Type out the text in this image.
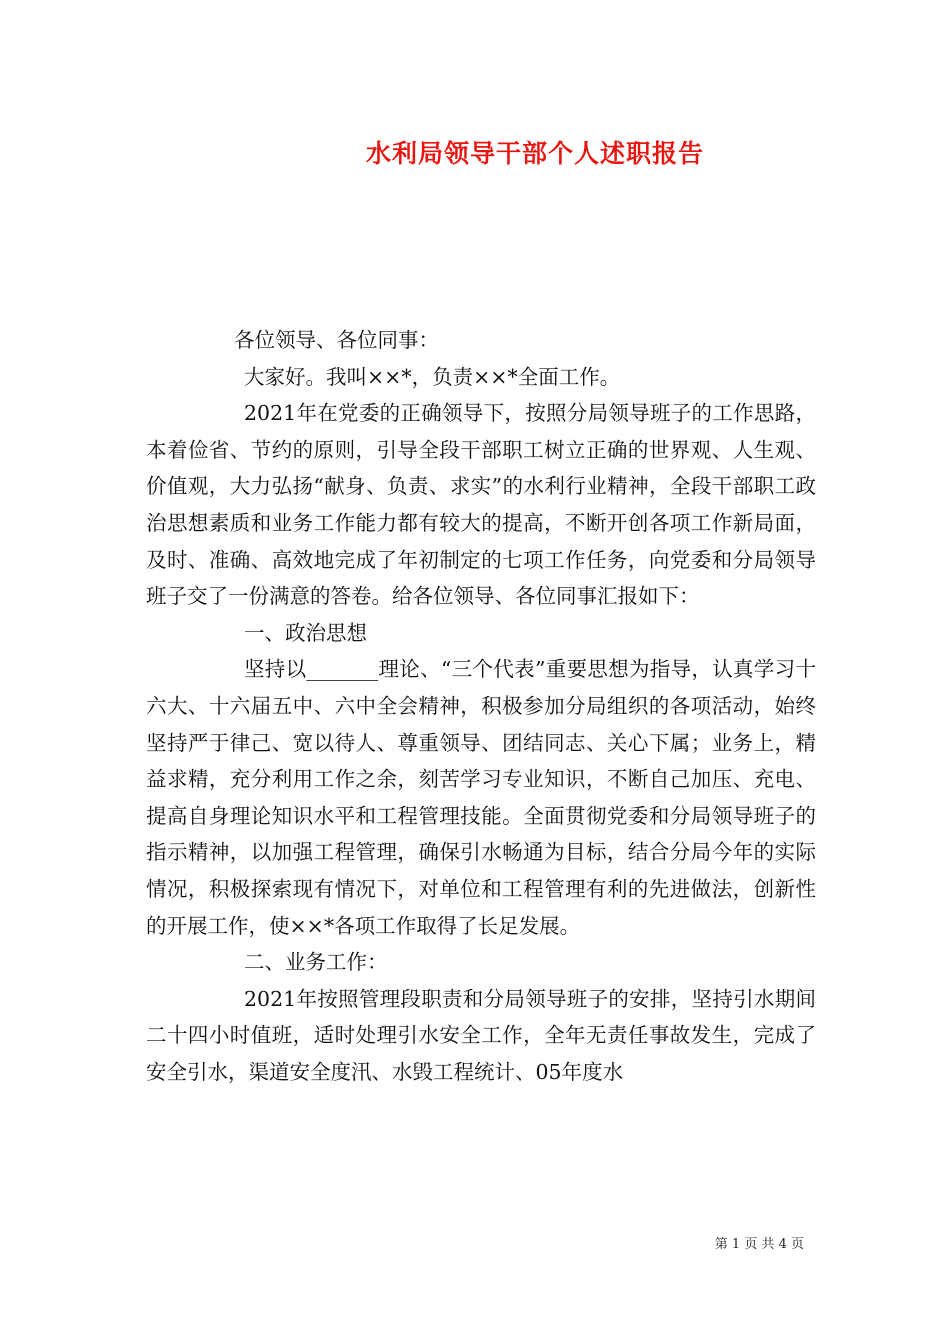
水利局领导干部个人述职报告

各位领导、各位同事：

大家好。我叫××*，负责××*全面工作。

2021年在党委的正确领导下，按照分局领导班子的工作思路，本着俭省、节约的原则，引导全段干部职工树立正确的世界观、人生观、价值观，大力弘扬“献身、负责、求实”的水利行业精神，全段干部职工政治思想素质和业务工作能力都有较大的提高，不断开创各项工作新局面，及时、准确、高效地完成了年初制定的七项工作任务，向党委和分局领导班子交了一份满意的答卷。给各位领导、各位同事汇报如下：

一、政治思想

坚持以_______理论、“三个代表”重要思想为指导，认真学习十六大、十六届五中、六中全会精神，积极参加分局组织的各项活动，始终坚持严于律己、宽以待人、尊重领导、团结同志、关心下属；业务上，精益求精，充分利用工作之余，刻苦学习专业知识，不断自己加压、充电、提高自身理论知识水平和工程管理技能。全面贯彻党委和分局领导班子的指示精神，以加强工程管理，确保引水畅通为目标，结合分局今年的实际情况，积极探索现有情况下，对单位和工程管理有利的先进做法，创新性的开展工作，使××*各项工作取得了长足发展。

二、业务工作：

2021年按照管理段职责和分局领导班子的安排，坚持引水期间二十四小时值班，适时处理引水安全工作，全年无责任事故发生，完成了安全引水，渠道安全度汛、水毁工程统计、05年度水

第 1 页 共 4 页
